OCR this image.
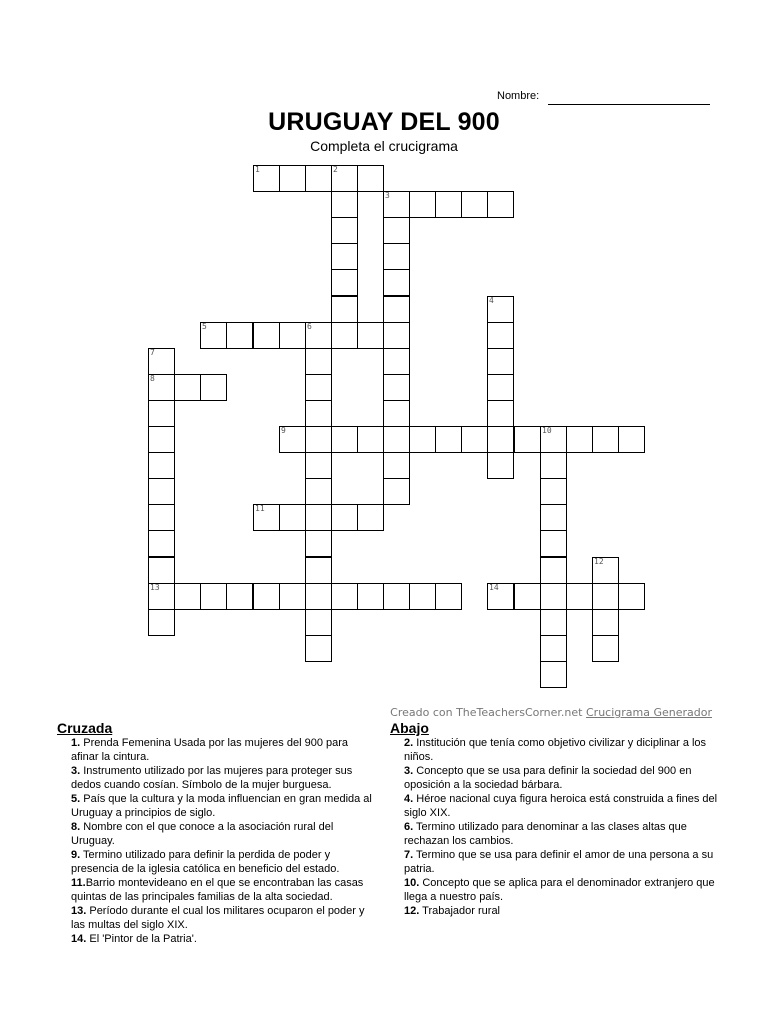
Nombre:
URUGUAY DEL 900
Completa el crucigrama
1	2
3
4
5	6
7
8
13
9	10
11
12
14
Creado con TheTeachersCorner.net Crucigrama Generador
Cruzada

1. Prenda Femenina Usada por las mujeres del 900 para afinar la cintura.

3. Instrumento utilizado por las mujeres para proteger sus dedos cuando cosían. Símbolo de la mujer burguesa.

5. País que la cultura y la moda influencian en gran medida al Uruguay a principios de siglo.

8. Nombre con el que conoce a la asociación rural del Uruguay.

9. Termino utilizado para definir la perdida de poder y presencia de la iglesia católica en beneficio del estado.

11.Barrio montevideano en el que se encontraban las casas quintas de las principales familias de la alta sociedad.

13. Período durante el cual los militares ocuparon el poder y las multas del siglo XIX.

14. El 'Pintor de la Patria'.

Abajo

2. Institución que tenía como objetivo civilizar y diciplinar a los niños.

3. Concepto que se usa para definir la sociedad del 900 en oposición a la sociedad bárbara.

4. Héroe nacional cuya figura heroica está construida a fines del siglo XIX.

6. Termino utilizado para denominar a las clases altas que rechazan los cambios.

7. Termino que se usa para definir el amor de una persona a su patria.

10. Concepto que se aplica para el denominador extranjero que llega a nuestro país.

12. Trabajador rural
